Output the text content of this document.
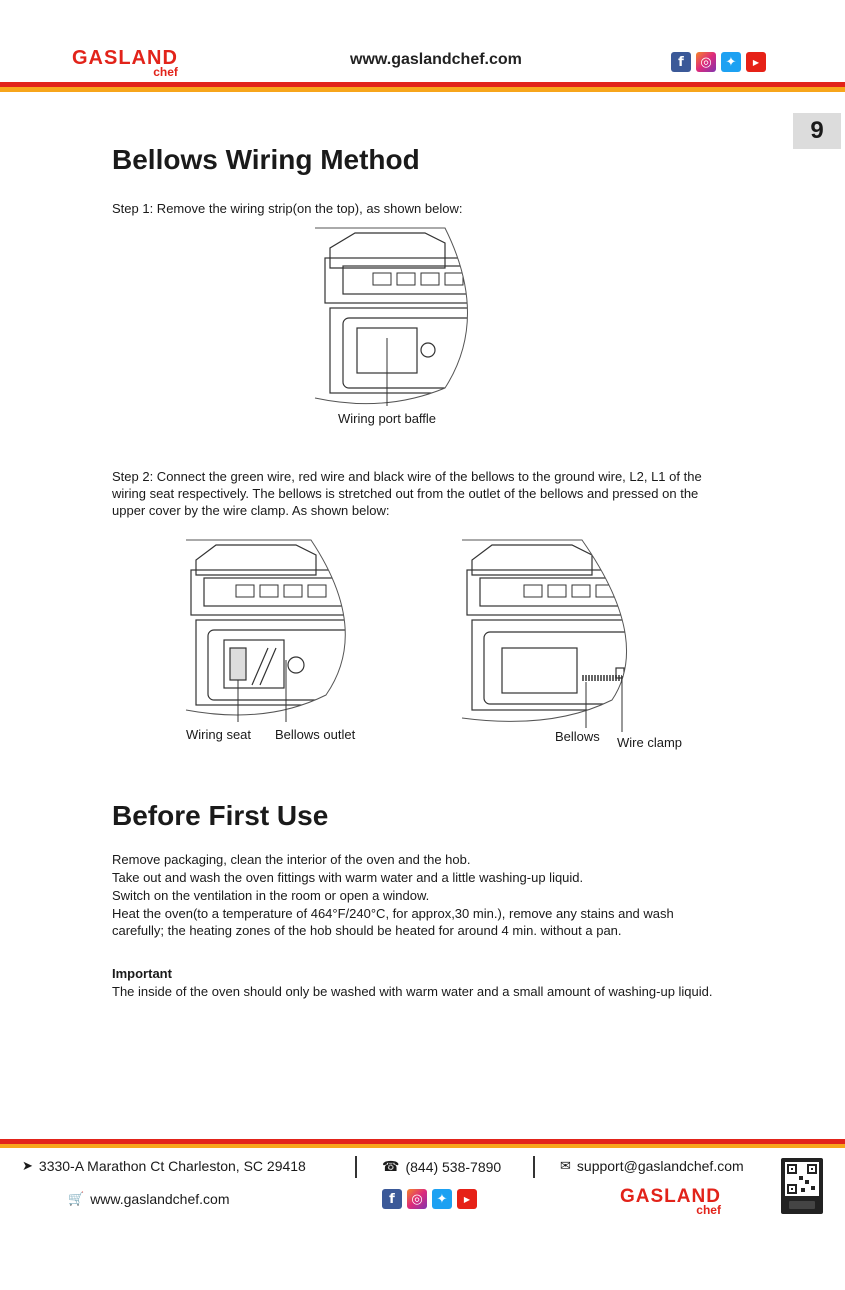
GASLAND
chef
www.gaslandchef.com	f	◎	✦	▶
9
Bellows Wiring Method

Step 1: Remove the wiring strip(on the top), as shown below:

Wiring port baffle

Step 2: Connect the green wire, red wire and black wire of the bellows to the ground wire, L2, L1 of the wiring seat respectively. The bellows is stretched out from the outlet of the bellows and pressed on the upper cover by the wire clamp. As shown below:

Wiring seat Bellows outlet	Bellows Wire clamp
Before First Use

Remove packaging, clean the interior of the oven and the hob.

Take out and wash the oven fittings with warm water and a little washing-up liquid.

Switch on the ventilation in the room or open a window.

Heat the oven(to a temperature of 464°F/240°C, for approx,30 min.), remove any stains and wash carefully; the heating zones of the hob should be heated for around 4 min. without a pan.

Important

The inside of the oven should only be washed with warm water and a small amount of washing-up liquid.

➤ 3330-A Marathon Ct Charleston, SC 29418	☎ (844) 538-7890	✉ support@gaslandchef.com
🛒 www.gaslandchef.com	f	◎	✦	▶	GASLAND
chef
